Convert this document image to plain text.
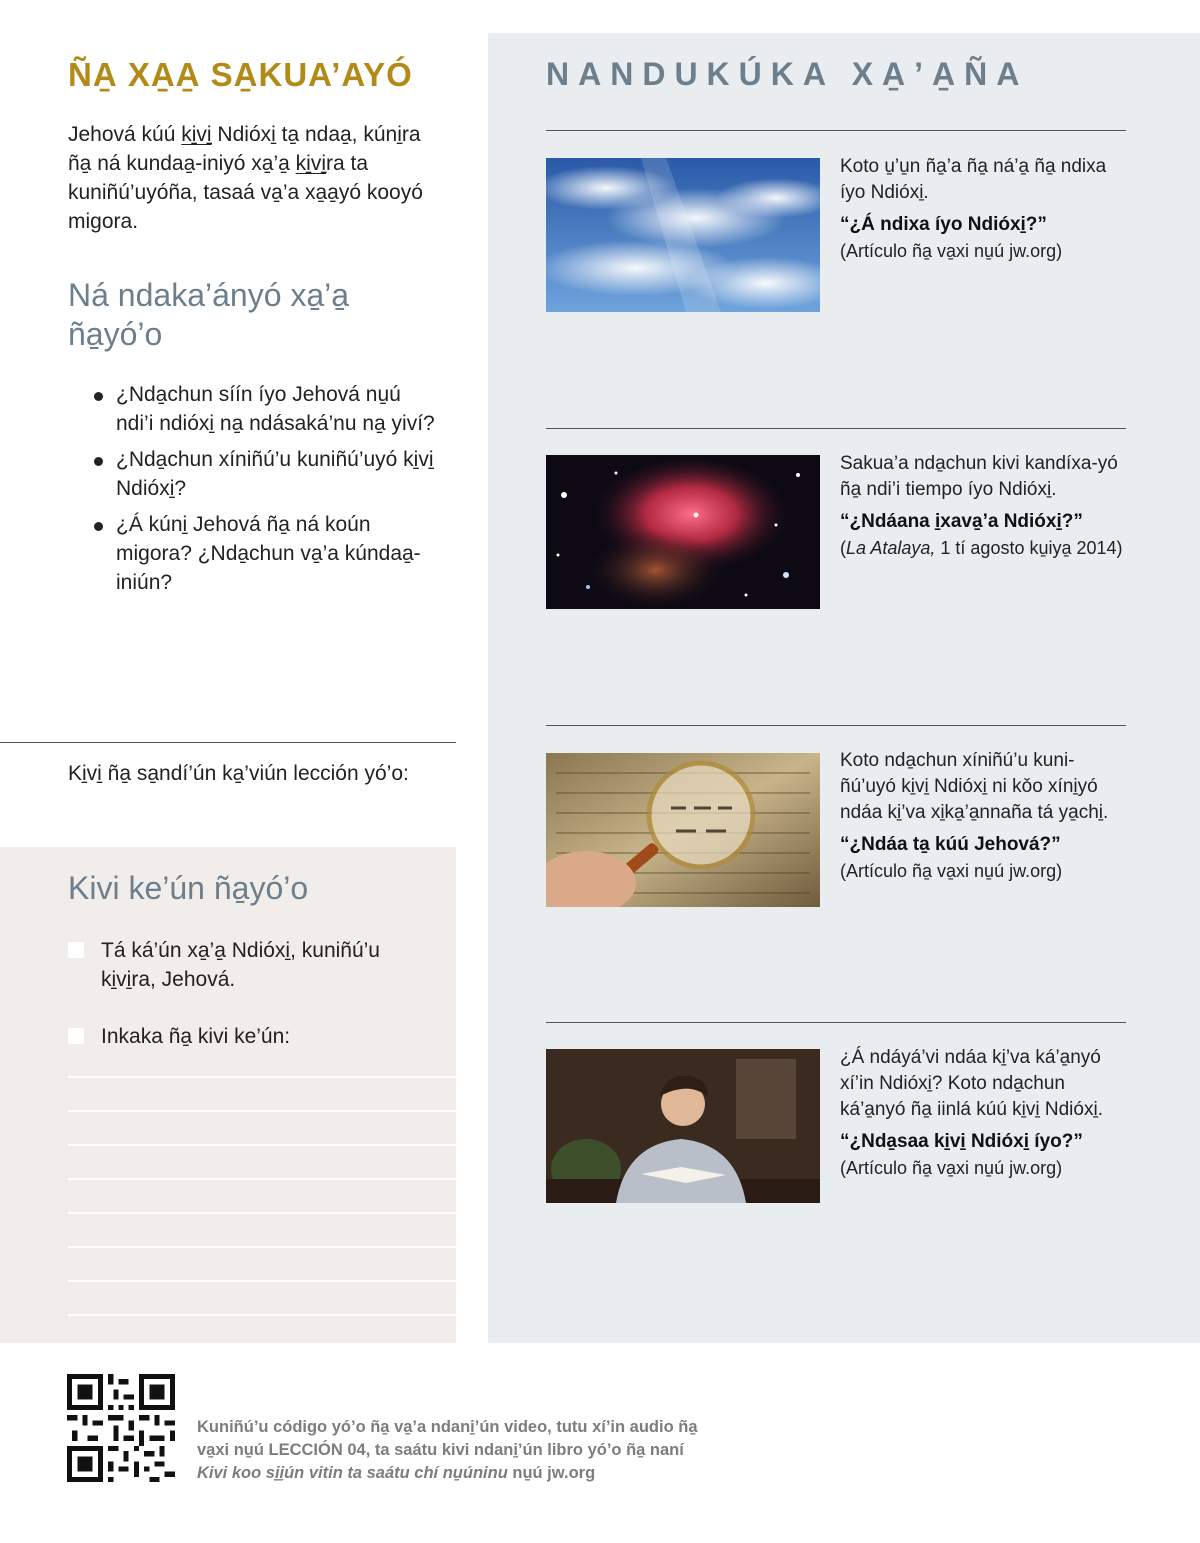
ÑA̱ XA̱A̱ SA̱KUA’AYÓ

Jehová kúú ki̱vi̱ Ndióxi̱ ta̱ ndaa̱, kúni̱ra ña̱ ná kundaa̱-iniyó xa̱’a̱ ki̱vi̱ra ta kuniñú’uyóña, tasaá va̱’a xa̱a̱yó kooyó migora.

Ná ndaka’ányó xa̱’a̱ ña̱yó’o
¿Nda̱chun síín íyo Jehová nu̱ú ndi’i ndióxi̱ na̱ ndásaká’nu na̱ yiví?
¿Nda̱chun xíniñú’u kuniñú’uyó ki̱vi̱ Ndióxi̱?
¿Á kúni̱ Jehová ña̱ ná koún migora? ¿Nda̱chun va̱’a kúndaa̱-iniún?

Ki̱vi̱ ña̱ sa̱ndí’ún ka̱’viún lección yó’o:

Kivi ke’ún ña̱yó’o
Tá ká’ún xa̱’a̱ Ndióxi̱, kuniñú’u ki̱vi̱ra, Jehová.
Inkaka ña̱ kivi ke’ún:
NANDUKÚKA XA̱’A̱ÑA

Koto u̱’u̱n ña̱’a ña̱ ná’a̱ ña̱ ndixa íyo Ndióxi̱.

“¿Á ndixa íyo Ndióxi̱?”

(Artículo ña̱ va̱xi nu̱ú jw.org)

Sakua’a nda̱chun kivi kandíxa-yó ña̱ ndi’i tiempo íyo Ndióxi̱.

“¿Ndáana i̱xava̱’a Ndióxi̱?”

(La Atalaya, 1 tí agosto ku̱iya̱ 2014)

Koto nda̱chun xíniñú’u kuni-ñú’uyó ki̱vi̱ Ndióxi̱ ni kǒo xíni̱yó ndáa ki̱’va xi̱ka̱’a̱nnaña tá ya̱chi̱.

“¿Ndáa ta̱ kúú Jehová?”

(Artículo ña̱ va̱xi nu̱ú jw.org)

¿Á ndáyá’vi ndáa ki̱’va ká’a̱nyó xí’in Ndióxi̱? Koto nda̱chun ká’a̱nyó ña̱ iinlá kúú ki̱vi̱ Ndióxi̱.

“¿Nda̱saa ki̱vi̱ Ndióxi̱ íyo?”

(Artículo ña̱ va̱xi nu̱ú jw.org)

Kuniñú’u código yó’o ña̱ va̱’a ndani̱’ún video, tutu xí’in audio ña̱ va̱xi nu̱ú LECCIÓN 04, ta saátu kivi ndani̱’ún libro yó’o ña̱ naní Kivi koo si̱i̱ún vitin ta saátu chí nu̱úninu nu̱ú jw.org
